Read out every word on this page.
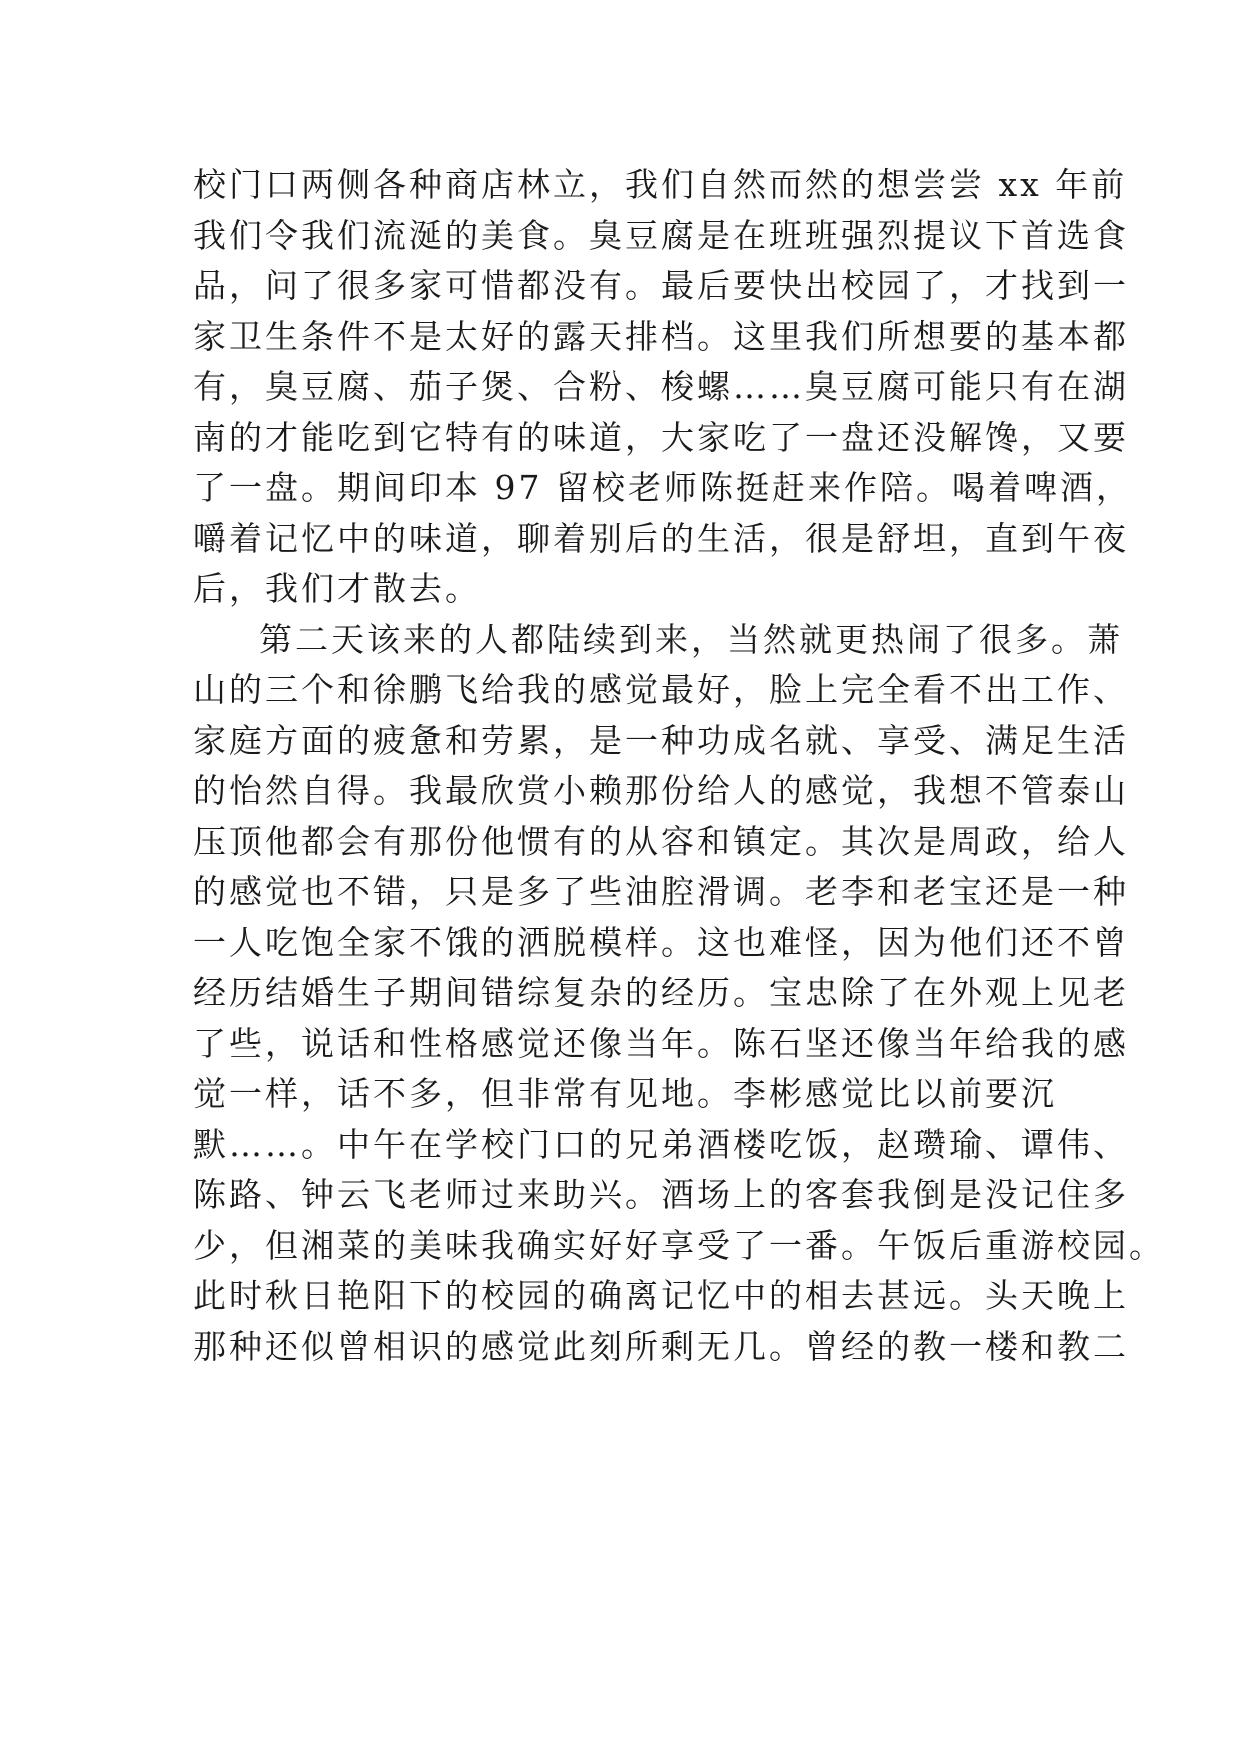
校门口两侧各种商店林立，我们自然而然的想尝尝 xx 年前
我们令我们流涎的美食。臭豆腐是在班班强烈提议下首选食
品，问了很多家可惜都没有。最后要快出校园了，才找到一
家卫生条件不是太好的露天排档。这里我们所想要的基本都
有，臭豆腐、茄子煲、合粉、梭螺……臭豆腐可能只有在湖
南的才能吃到它特有的味道，大家吃了一盘还没解馋，又要
了一盘。期间印本 97 留校老师陈挺赶来作陪。喝着啤酒，
嚼着记忆中的味道，聊着别后的生活，很是舒坦，直到午夜
后，我们才散去。
第二天该来的人都陆续到来，当然就更热闹了很多。萧
山的三个和徐鹏飞给我的感觉最好，脸上完全看不出工作、
家庭方面的疲惫和劳累，是一种功成名就、享受、满足生活
的怡然自得。我最欣赏小赖那份给人的感觉，我想不管泰山
压顶他都会有那份他惯有的从容和镇定。其次是周政，给人
的感觉也不错，只是多了些油腔滑调。老李和老宝还是一种
一人吃饱全家不饿的洒脱模样。这也难怪，因为他们还不曾
经历结婚生子期间错综复杂的经历。宝忠除了在外观上见老
了些，说话和性格感觉还像当年。陈石坚还像当年给我的感
觉一样，话不多，但非常有见地。李彬感觉比以前要沉
默……。中午在学校门口的兄弟酒楼吃饭，赵瓒瑜、谭伟、
陈路、钟云飞老师过来助兴。酒场上的客套我倒是没记住多
少，但湘菜的美味我确实好好享受了一番。午饭后重游校园。
此时秋日艳阳下的校园的确离记忆中的相去甚远。头天晚上
那种还似曾相识的感觉此刻所剩无几。曾经的教一楼和教二
